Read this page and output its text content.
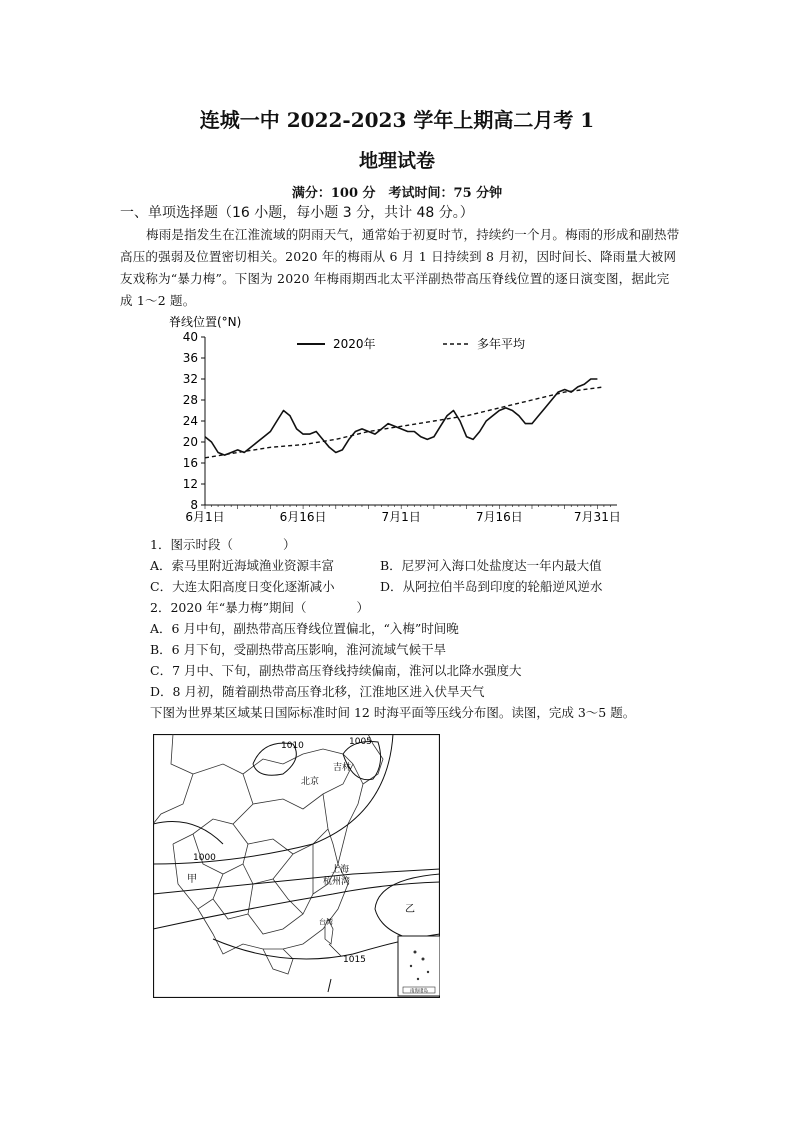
连城一中 2022-2023 学年上期高二月考 1
地理试卷
满分：100 分　考试时间：75 分钟
一、单项选择题（16 小题，每小题 3 分，共计 48 分。）
梅雨是指发生在江淮流域的阴雨天气，通常始于初夏时节，持续约一个月。梅雨的形成和副热带高压的强弱及位置密切相关。2020 年的梅雨从 6 月 1 日持续到 8 月初，因时间长、降雨量大被网友戏称为“暴力梅”。下图为 2020 年梅雨期西北太平洋副热带高压脊线位置的逐日演变图，据此完成 1～2 题。
脊线位置(°N)
8
12
16
20
24
28
32
36
40
6月1日	6月16日	7月1日	7月16日	7月31日
2020年	多年平均
1．图示时段（　　　　）
A．索马里附近海域渔业资源丰富	B．尼罗河入海口处盐度达一年内最大值
C．大连太阳高度日变化逐渐减小	D．从阿拉伯半岛到印度的轮船逆风逆水
2．2020 年“暴力梅”期间（　　　　）
A．6 月中旬，副热带高压脊线位置偏北，“入梅”时间晚
B．6 月下旬，受副热带高压影响，淮河流域气候干旱
C．7 月中、下旬，副热带高压脊线持续偏南，淮河以北降水强度大
D．8 月初，随着副热带高压脊北移，江淮地区进入伏旱天气
下图为世界某区域某日国际标准时间 12 时海平面等压线分布图。读图，完成 3～5 题。
南海诸岛
1010	1005
吉林
北京
1000
甲
上海
杭州湾
乙
台湾
1015
